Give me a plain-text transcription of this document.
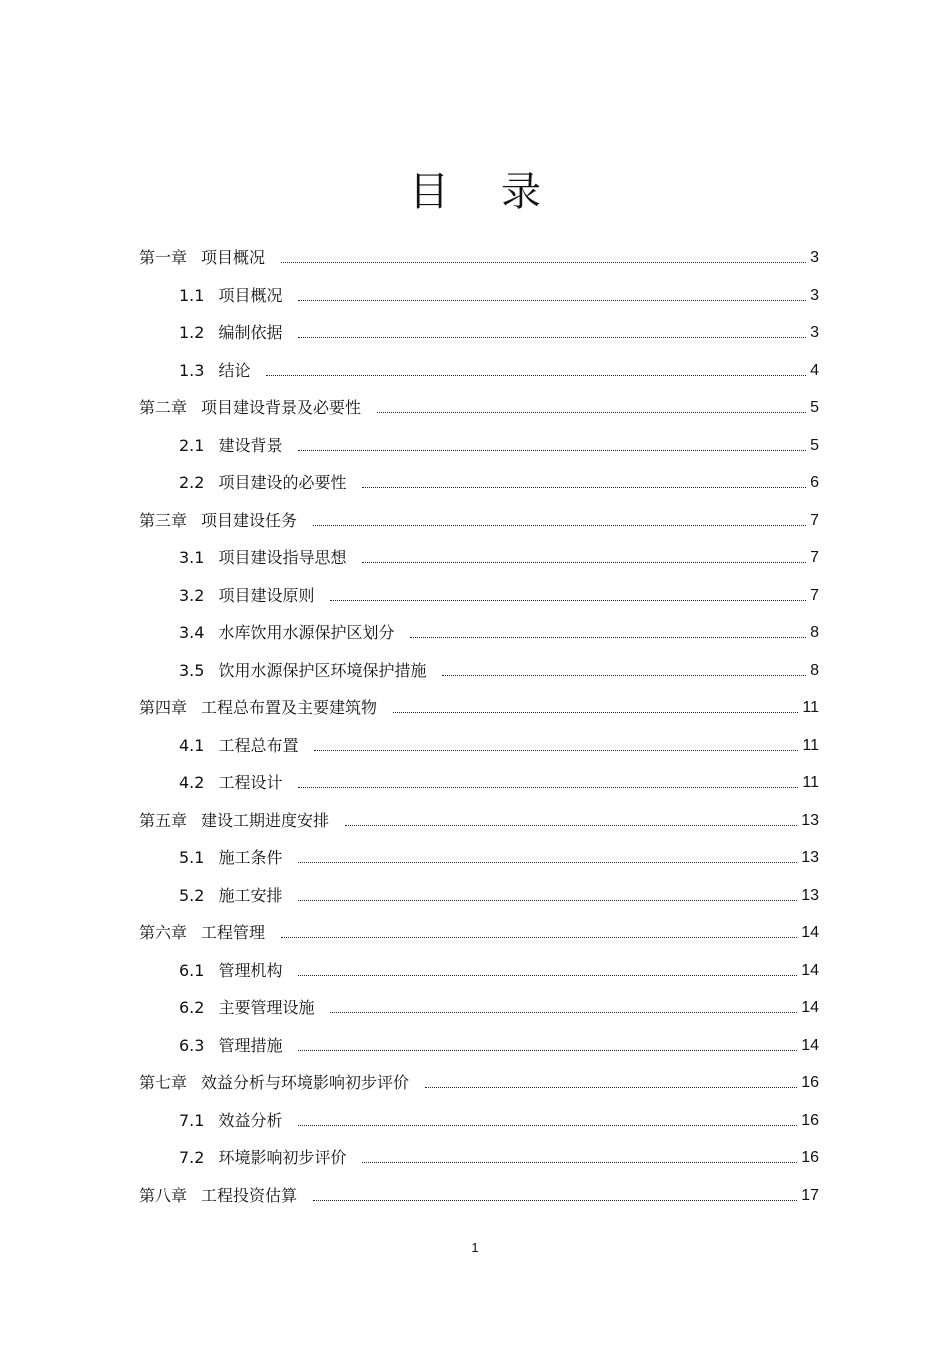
目 录
第一章 项目概况	3
1.1 项目概况	3
1.2 编制依据	3
1.3 结论	4
第二章 项目建设背景及必要性	5
2.1 建设背景	5
2.2 项目建设的必要性	6
第三章 项目建设任务	7
3.1 项目建设指导思想	7
3.2 项目建设原则	7
3.4 水库饮用水源保护区划分	8
3.5 饮用水源保护区环境保护措施	8
第四章 工程总布置及主要建筑物	11
4.1 工程总布置	11
4.2 工程设计	11
第五章 建设工期进度安排	13
5.1 施工条件	13
5.2 施工安排	13
第六章 工程管理	14
6.1 管理机构	14
6.2 主要管理设施	14
6.3 管理措施	14
第七章 效益分析与环境影响初步评价	16
7.1 效益分析	16
7.2 环境影响初步评价	16
第八章 工程投资估算	17
1
